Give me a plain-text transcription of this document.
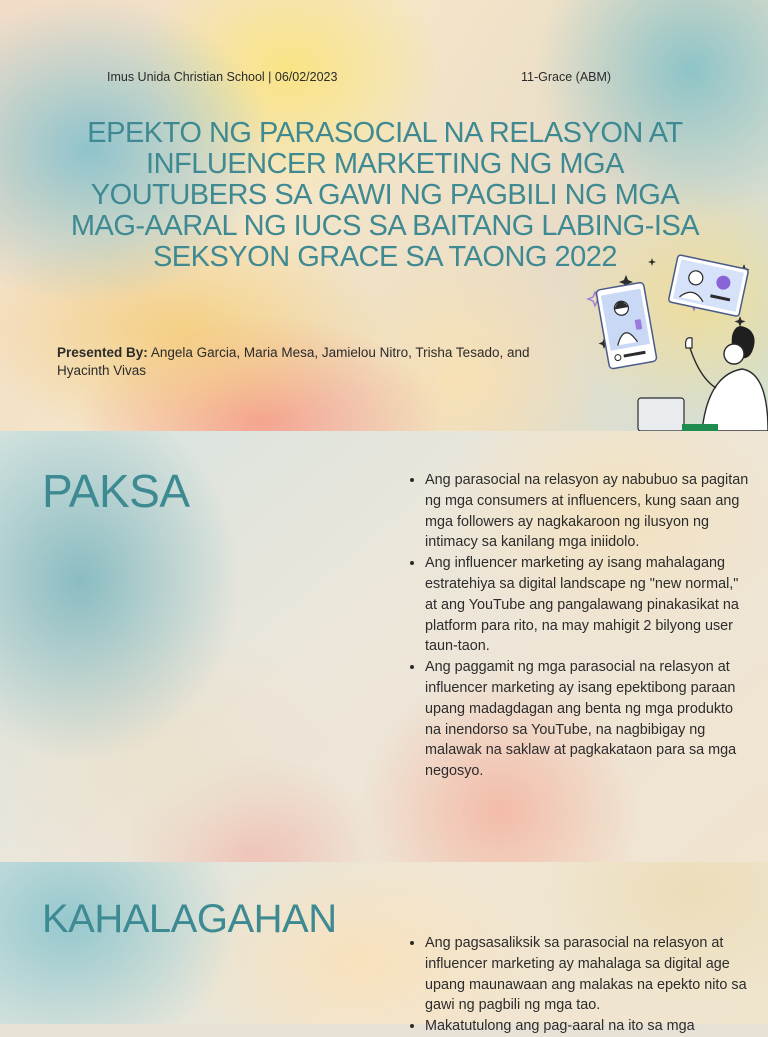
Imus Unida Christian School | 06/02/2023	11-Grace (ABM)
EPEKTO NG PARASOCIAL NA RELASYON AT INFLUENCER MARKETING NG MGA YOUTUBERS SA GAWI NG PAGBILI NG MGA MAG-AARAL NG IUCS SA BAITANG LABING-ISA SEKSYON GRACE SA TAONG 2022
Presented By: Angela Garcia, Maria Mesa, Jamielou Nitro, Trisha Tesado, and Hyacinth Vivas
PAKSA
•	Ang parasocial na relasyon ay nabubuo sa pagitan ng mga consumers at influencers, kung saan ang mga followers ay nagkakaroon ng ilusyon ng intimacy sa kanilang mga iniidolo.
• Ang influencer marketing ay isang mahalagang estratehiya sa digital landscape ng "new normal," at ang YouTube ang pangalawang pinakasikat na platform para rito, na may mahigit 2 bilyong user taun-taon.
• Ang paggamit ng mga parasocial na relasyon at influencer marketing ay isang epektibong paraan upang madagdagan ang benta ng mga produkto na inendorso sa YouTube, na nagbibigay ng malawak na saklaw at pagkakataon para sa mga negosyo.
KAHALAGAHAN
• Ang pagsasaliksik sa parasocial na relasyon at influencer marketing ay mahalaga sa digital age upang maunawaan ang malakas na epekto nito sa gawi ng pagbili ng mga tao.
• Makatutulong ang pag-aaral na ito sa mga
